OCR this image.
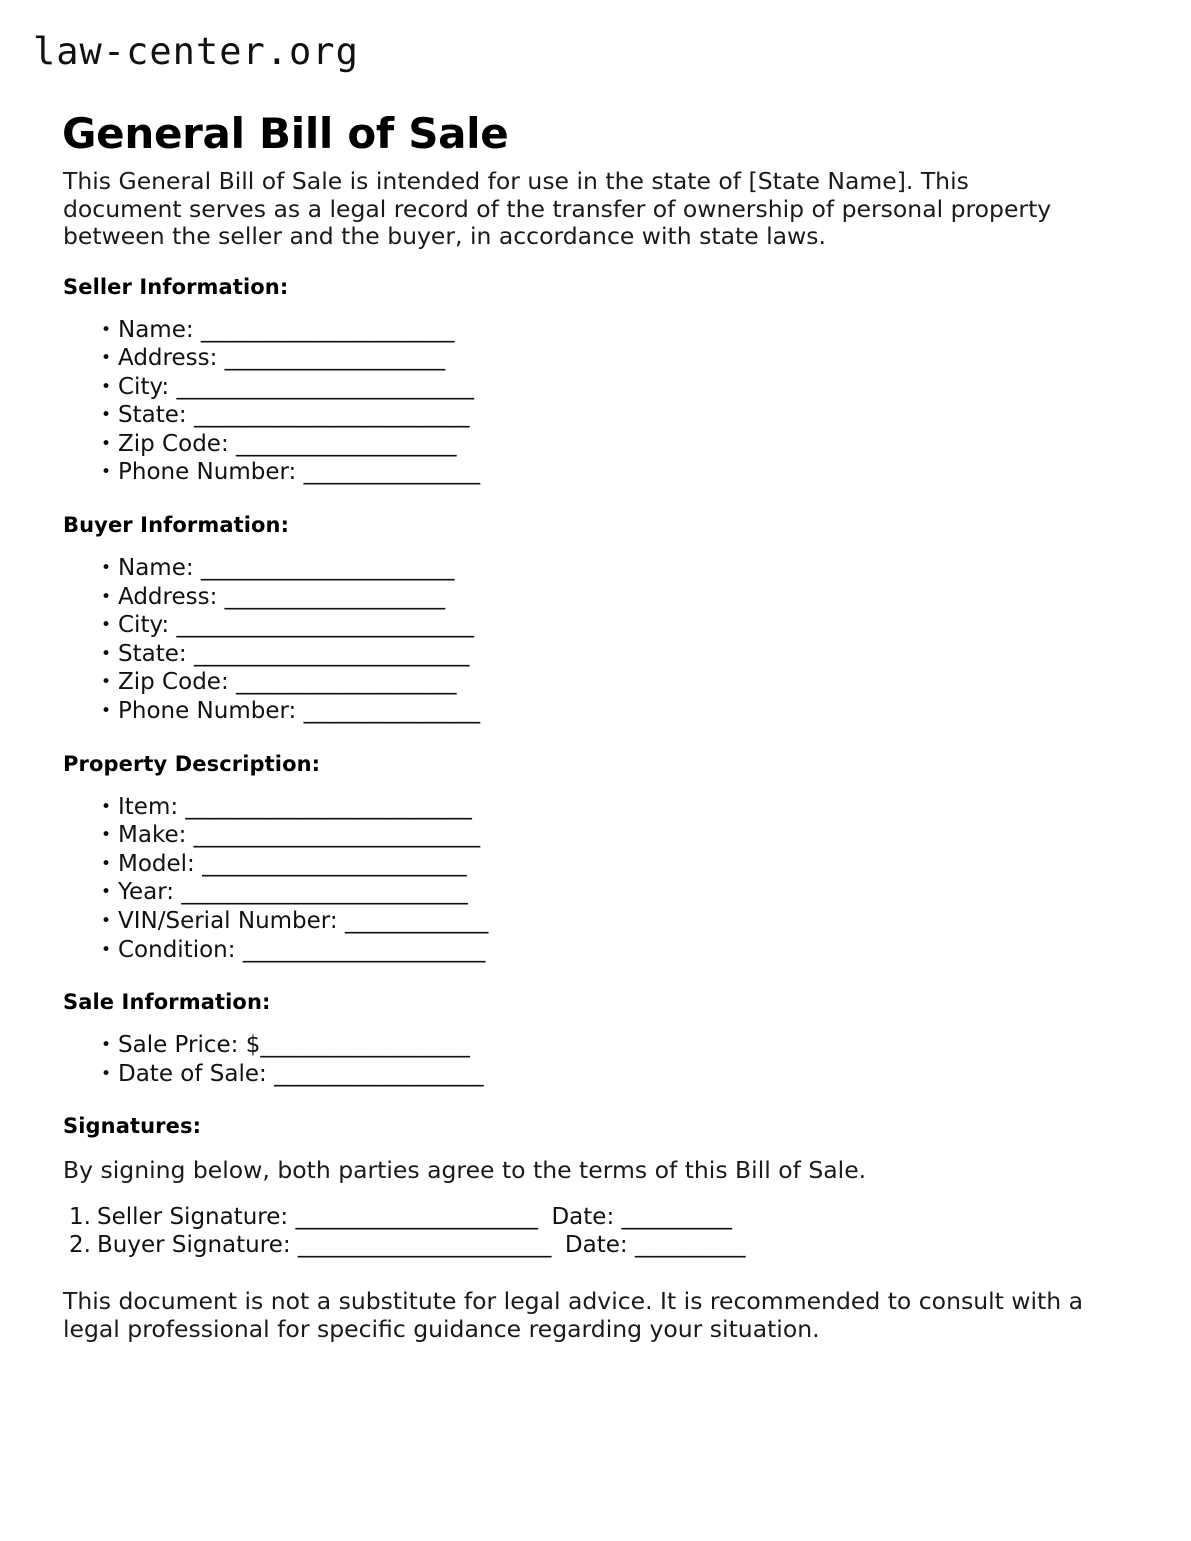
law-center.org
General Bill of Sale

This General Bill of Sale is intended for use in the state of [State Name]. This document serves as a legal record of the transfer of ownership of personal property between the seller and the buyer, in accordance with state laws.

Seller Information:
• Name: _______________________
• Address: ____________________
• City: ___________________________
• State: _________________________
• Zip Code: ____________________
• Phone Number: ________________
Buyer Information:
• Name: _______________________
• Address: ____________________
• City: ___________________________
• State: _________________________
• Zip Code: ____________________
• Phone Number: ________________
Property Description:
• Item: __________________________
• Make: __________________________
• Model: ________________________
• Year: __________________________
• VIN/Serial Number: _____________
• Condition: ______________________
Sale Information:
• Sale Price: $___________________
• Date of Sale: ___________________
Signatures:

By signing below, both parties agree to the terms of this Bill of Sale.

Seller Signature: ______________________ Date: __________
Buyer Signature: _______________________ Date: __________

This document is not a substitute for legal advice. It is recommended to consult with a legal professional for specific guidance regarding your situation.
